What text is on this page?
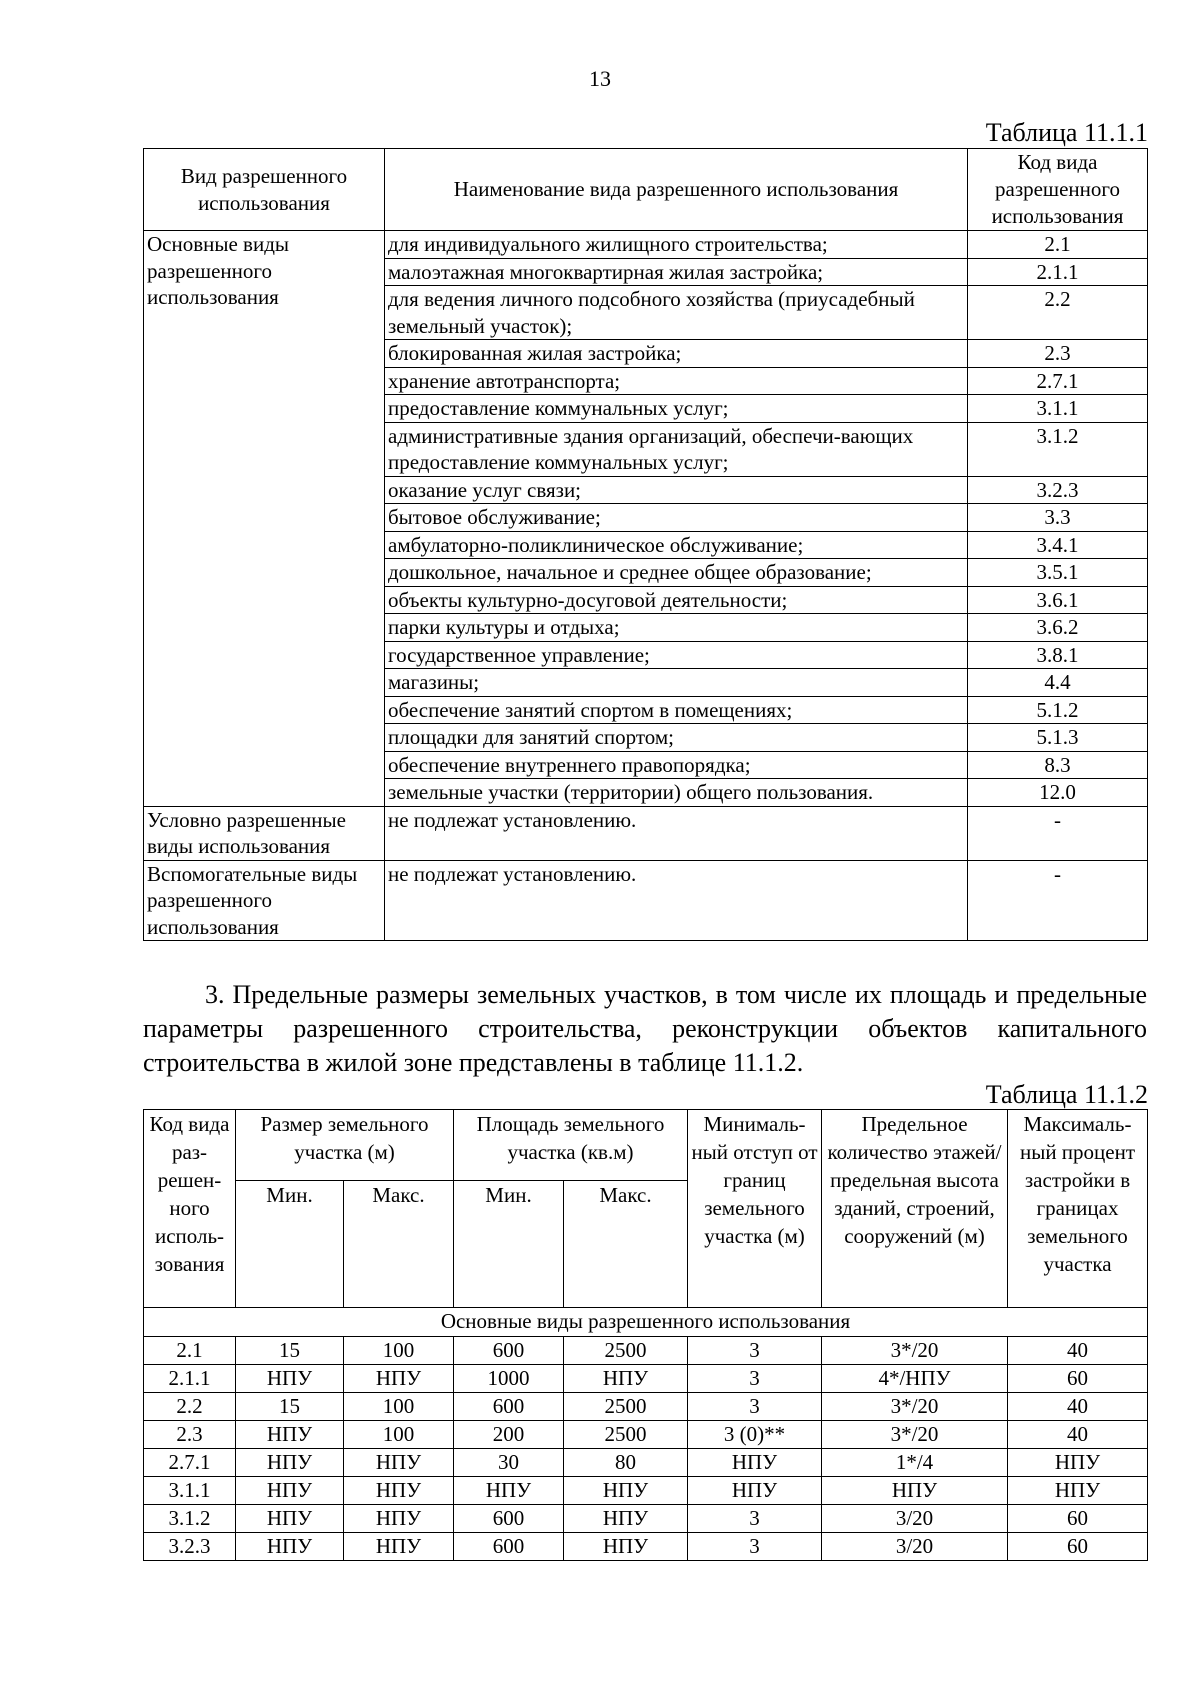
13
Таблица 11.1.1
Вид разрешенного использования	Наименование вида разрешенного использования	Код вида разрешенного использования
Основные виды разрешенного использования	для индивидуального жилищного строительства;	2.1
	малоэтажная многоквартирная жилая застройка;	2.1.1
	для ведения личного подсобного хозяйства (приусадебный земельный участок);	2.2
	блокированная жилая застройка;	2.3
	хранение автотранспорта;	2.7.1
	предоставление коммунальных услуг;	3.1.1
	административные здания организаций, обеспечи-вающих предоставление коммунальных услуг;	3.1.2
	оказание услуг связи;	3.2.3
	бытовое обслуживание;	3.3
	амбулаторно-поликлиническое обслуживание;	3.4.1
	дошкольное, начальное и среднее общее образование;	3.5.1
	объекты культурно-досуговой деятельности;	3.6.1
	парки культуры и отдыха;	3.6.2
	государственное управление;	3.8.1
	магазины;	4.4
	обеспечение занятий спортом в помещениях;	5.1.2
	площадки для занятий спортом;	5.1.3
	обеспечение внутреннего правопорядка;	8.3
	земельные участки (территории) общего пользования.	12.0
Условно разрешенные виды использования	не подлежат установлению.	-
Вспомогательные виды разрешенного использования	не подлежат установлению.	-
3. Предельные размеры земельных участков, в том числе их площадь и предельные параметры разрешенного строительства, реконструкции объектов капитального строительства в жилой зоне представлены в таблице 11.1.2.
Таблица 11.1.2
Код вида раз-решен-ного исполь-зования	Размер земельного участка (м)		Площадь земельного участка (кв.м)		Минималь-ный отступ от границ земельного участка (м)	Предельное количество этажей/ предельная высота зданий, строений, сооружений (м)	Максималь-ный процент застройки в границах земельного участка
	Мин.	Макс.	Мин.	Макс.			
Основные виды разрешенного использования							
2.1	15	100	600	2500	3	3*/20	40
2.1.1	НПУ	НПУ	1000	НПУ	3	4*/НПУ	60
2.2	15	100	600	2500	3	3*/20	40
2.3	НПУ	100	200	2500	3 (0)**	3*/20	40
2.7.1	НПУ	НПУ	30	80	НПУ	1*/4	НПУ
3.1.1	НПУ	НПУ	НПУ	НПУ	НПУ	НПУ	НПУ
3.1.2	НПУ	НПУ	600	НПУ	3	3/20	60
3.2.3	НПУ	НПУ	600	НПУ	3	3/20	60
